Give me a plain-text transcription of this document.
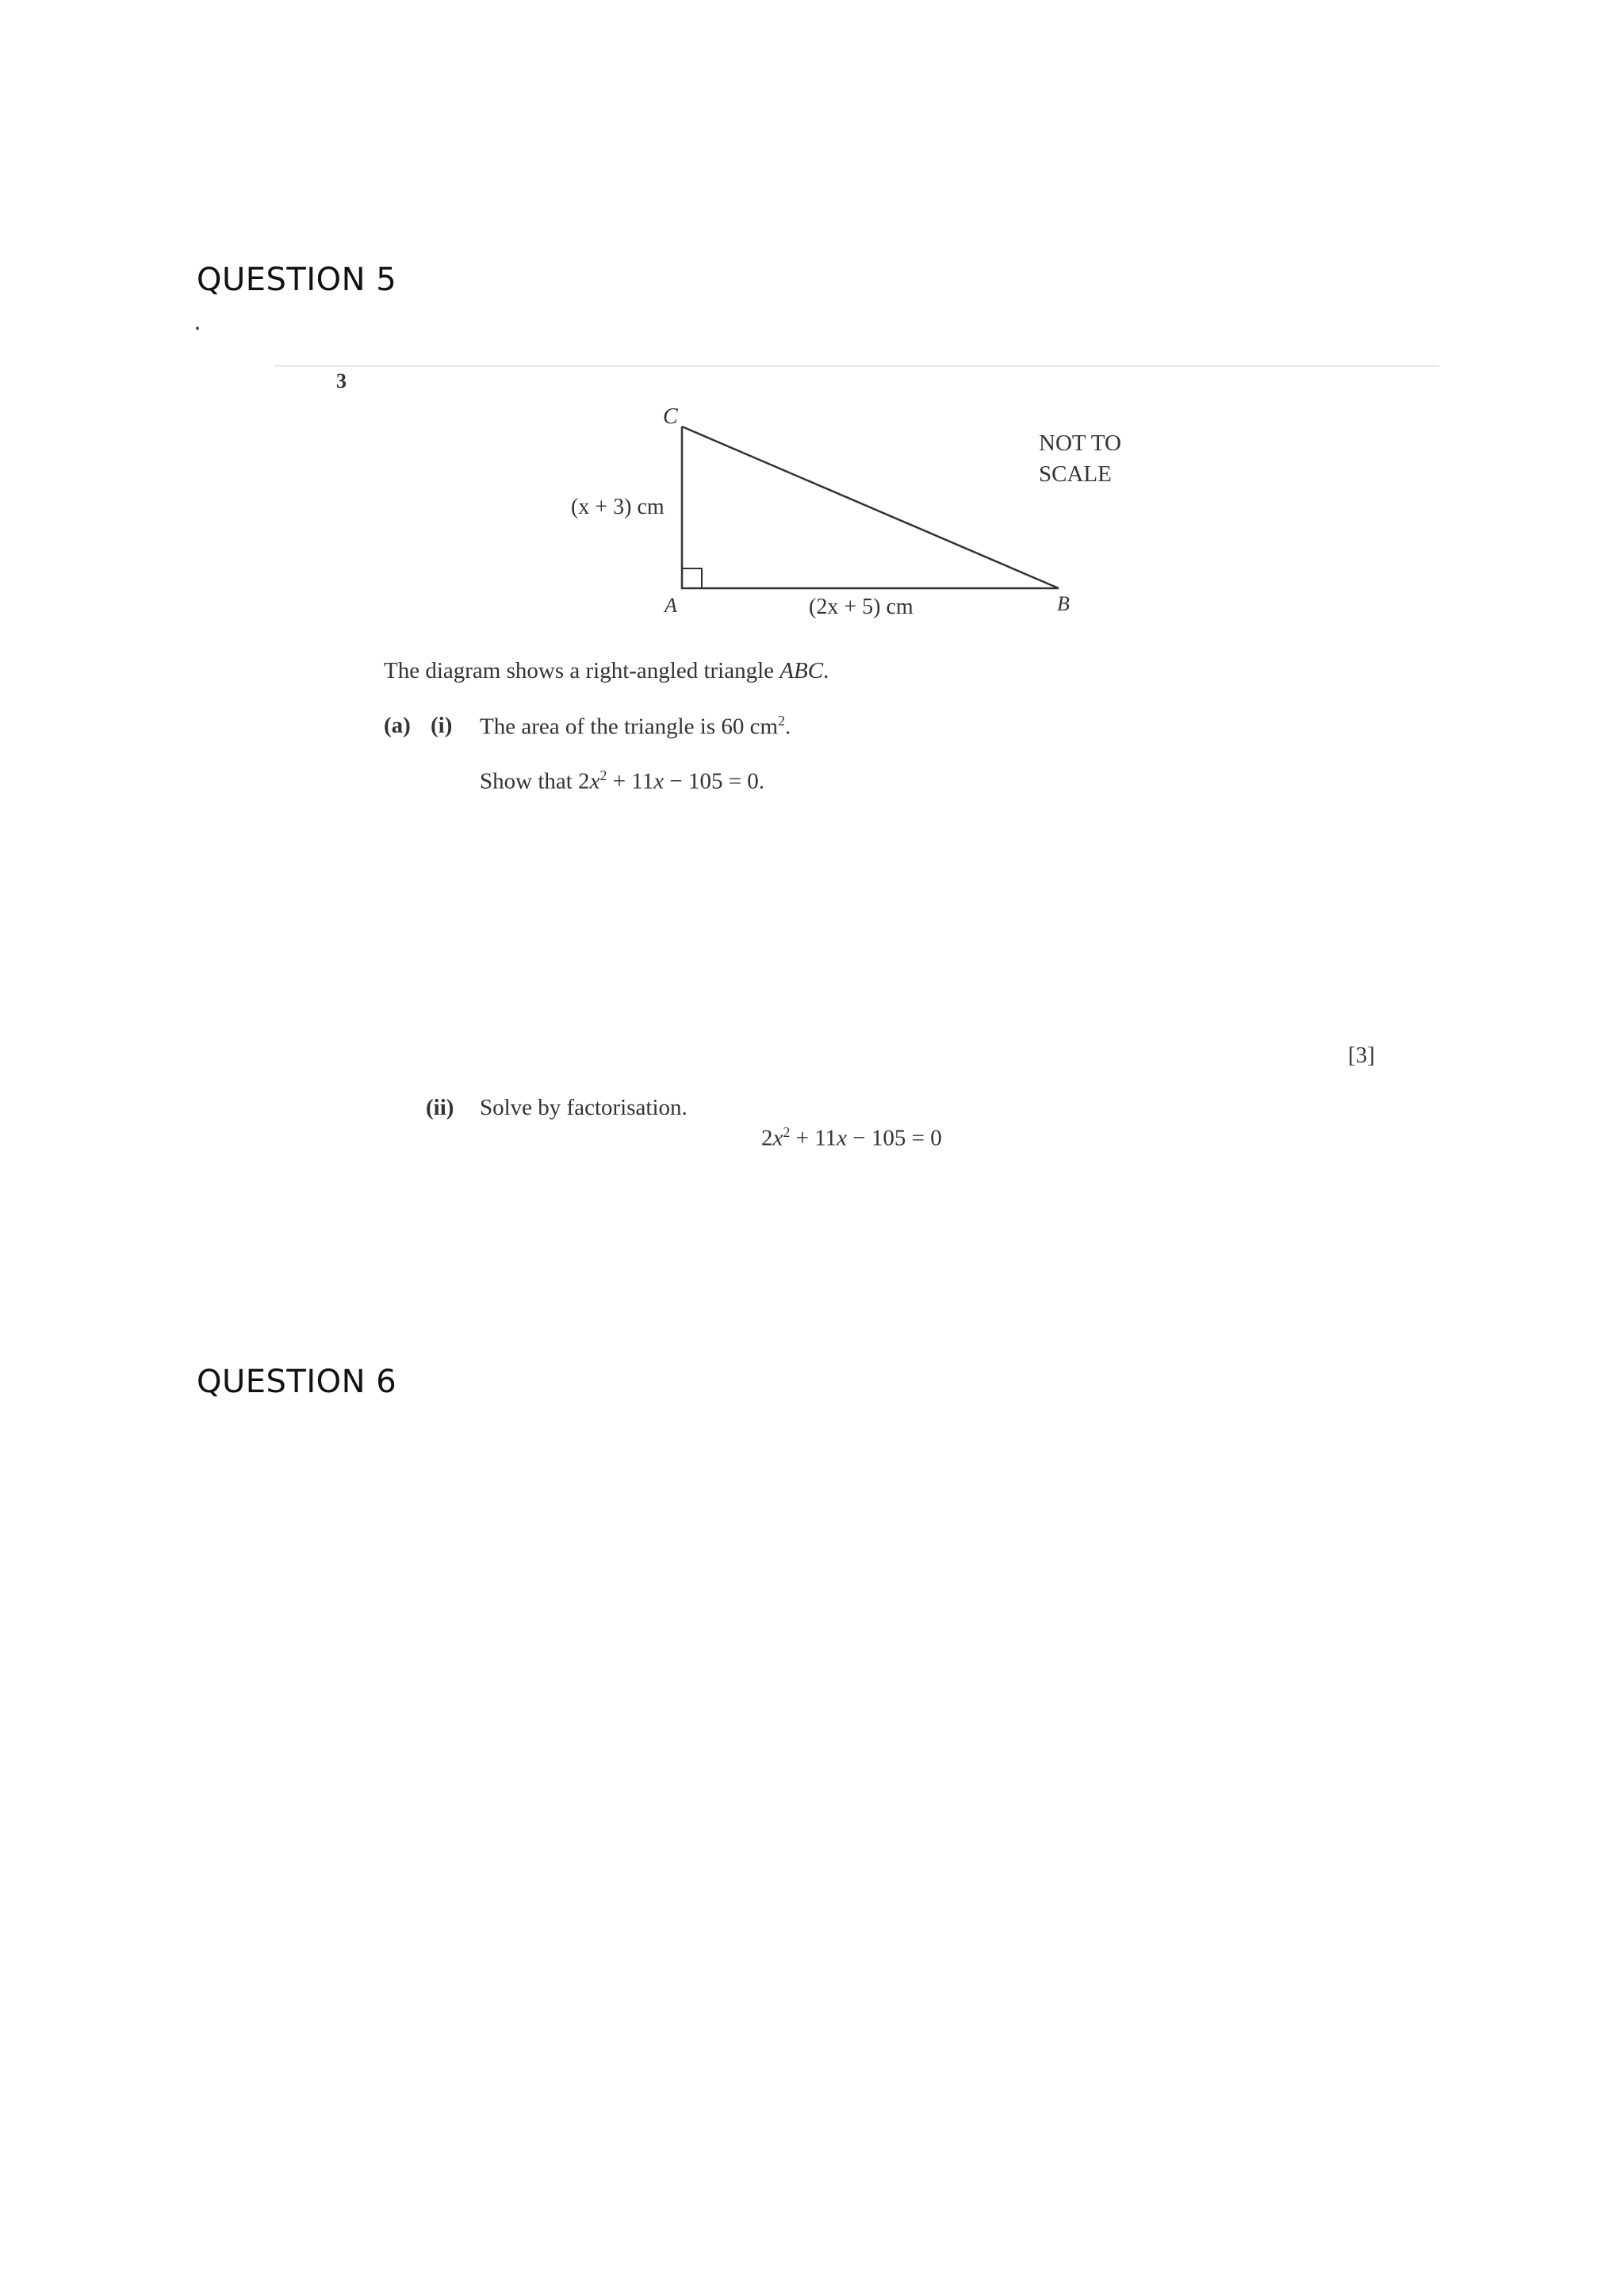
QUESTION 5
3
C
A	B
(x + 3) cm
(2x + 5) cm
NOT TO
SCALE
The diagram shows a right-angled triangle ABC.
(a) (i) The area of the triangle is 60 $cm^2$.
Show that $2x^2 + 11x - 105 = 0$.
[3]
(ii) Solve by factorisation.
$2x^2 + 11x - 105 = 0$
QUESTION 6
